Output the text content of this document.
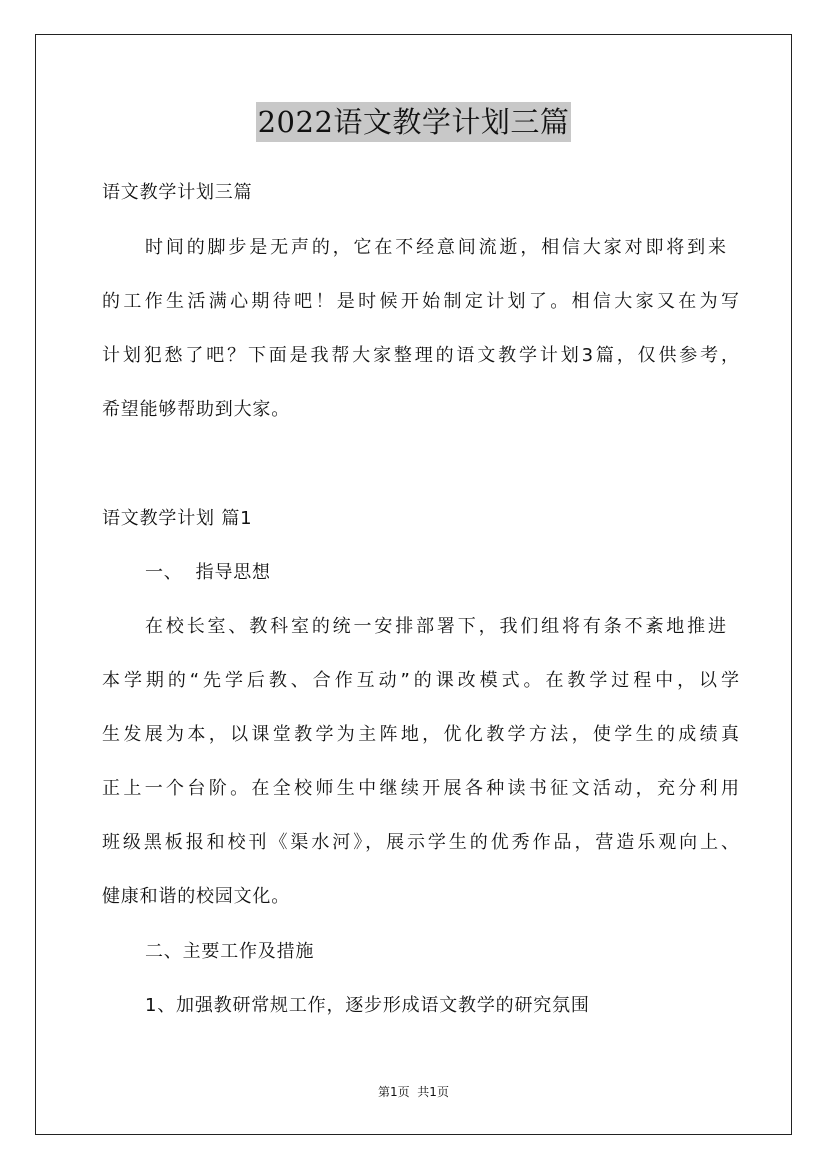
2022语文教学计划三篇
语文教学计划三篇
时间的脚步是无声的，它在不经意间流逝，相信大家对即将到来
的工作生活满心期待吧！是时候开始制定计划了。相信大家又在为写
计划犯愁了吧？下面是我帮大家整理的语文教学计划3篇，仅供参考，
希望能够帮助到大家。
语文教学计划 篇1
一、  指导思想
在校长室、教科室的统一安排部署下，我们组将有条不紊地推进
本学期的“先学后教、合作互动”的课改模式。在教学过程中，以学
生发展为本，以课堂教学为主阵地，优化教学方法，使学生的成绩真
正上一个台阶。在全校师生中继续开展各种读书征文活动，充分利用
班级黑板报和校刊《渠水河》，展示学生的优秀作品，营造乐观向上、
健康和谐的校园文化。
二、主要工作及措施
1、加强教研常规工作，逐步形成语文教学的研究氛围
第1页  共1页
